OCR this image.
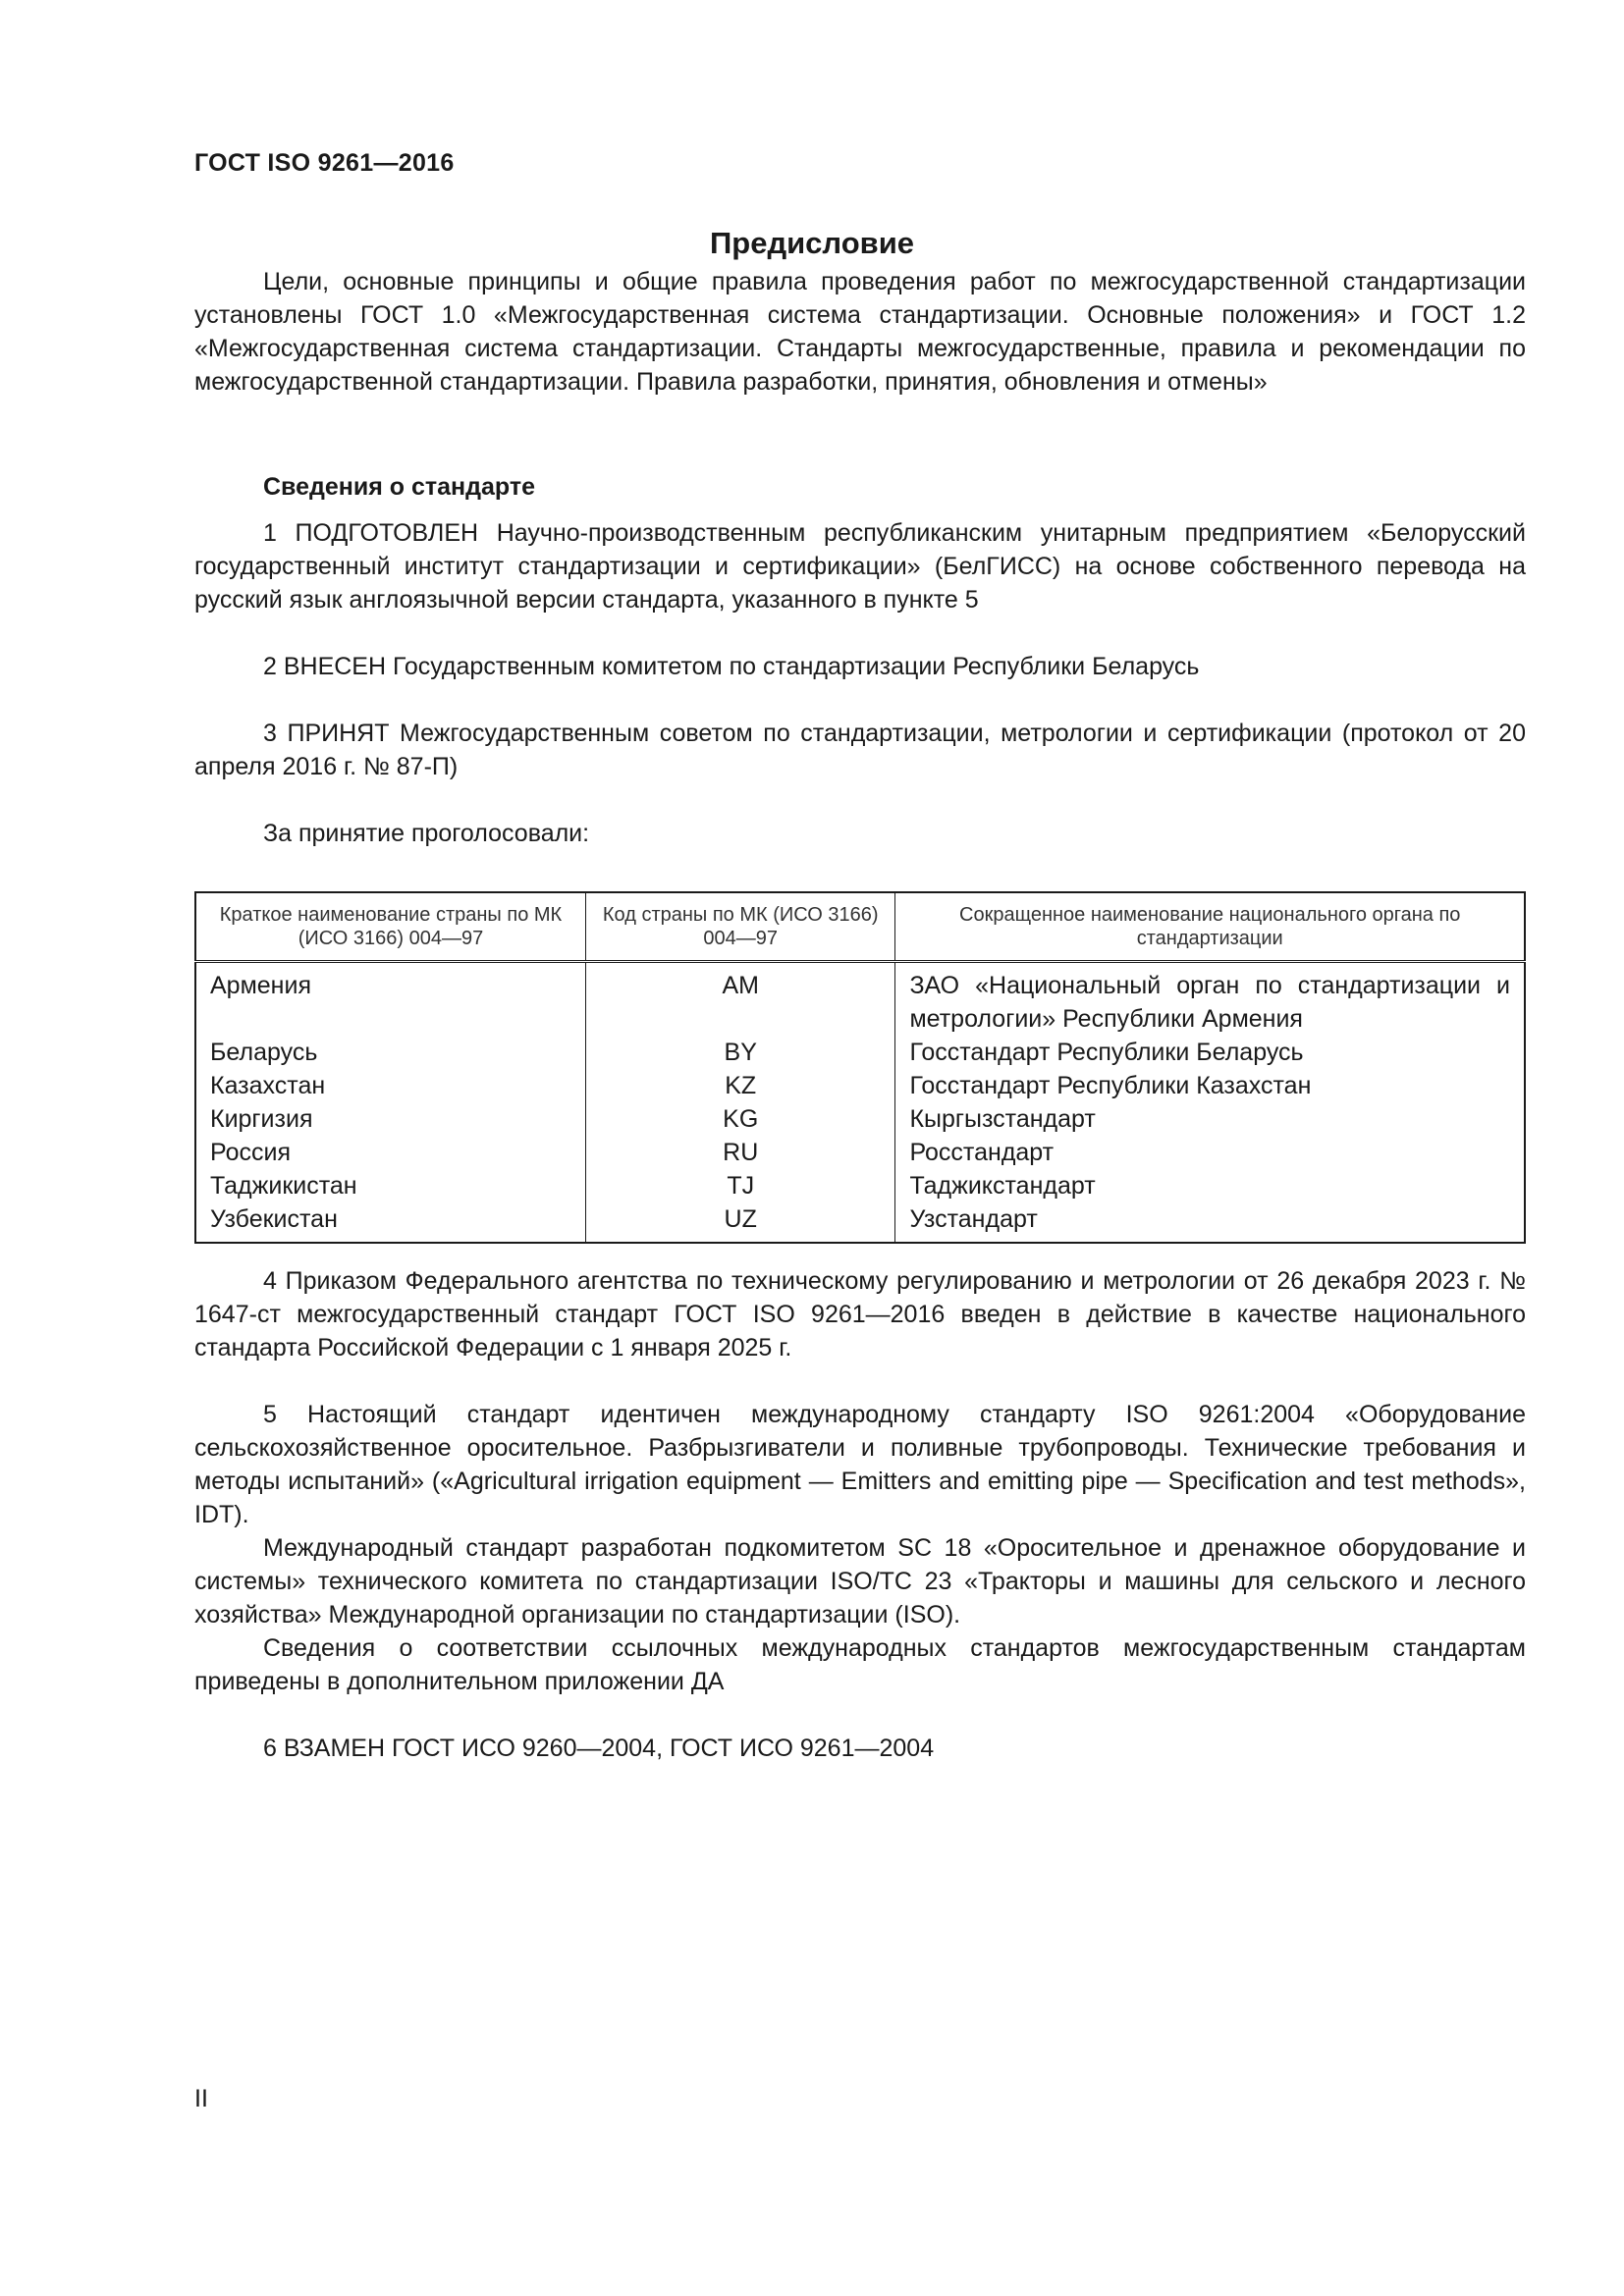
ГОСТ ISO 9261—2016
Предисловие

Цели, основные принципы и общие правила проведения работ по межгосударственной стандартизации установлены ГОСТ 1.0 «Межгосударственная система стандартизации. Основные положения» и ГОСТ 1.2 «Межгосударственная система стандартизации. Стандарты межгосударственные, правила и рекомендации по межгосударственной стандартизации. Правила разработки, принятия, обновления и отмены»

Сведения о стандарте

1 ПОДГОТОВЛЕН Научно-производственным республиканским унитарным предприятием «Белорусский государственный институт стандартизации и сертификации» (БелГИСС) на основе собственного перевода на русский язык англоязычной версии стандарта, указанного в пункте 5

2 ВНЕСЕН Государственным комитетом по стандартизации Республики Беларусь

3 ПРИНЯТ Межгосударственным советом по стандартизации, метрологии и сертификации (протокол от 20 апреля 2016 г. № 87-П)

За принятие проголосовали:

Краткое наименование страны по МК (ИСО 3166) 004—97	Код страны по МК (ИСО 3166) 004—97	Сокращенное наименование национального органа по стандартизации
Армения	AM	ЗАО «Национальный орган по стандартизации и метрологии» Республики Армения
Беларусь	BY	Госстандарт Республики Беларусь
Казахстан	KZ	Госстандарт Республики Казахстан
Киргизия	KG	Кыргызстандарт
Россия	RU	Росстандарт
Таджикистан	TJ	Таджикстандарт
Узбекистан	UZ	Узстандарт

4 Приказом Федерального агентства по техническому регулированию и метрологии от 26 декабря 2023 г. № 1647-ст межгосударственный стандарт ГОСТ ISO 9261—2016 введен в действие в качестве национального стандарта Российской Федерации с 1 января 2025 г.

5 Настоящий стандарт идентичен международному стандарту ISO 9261:2004 «Оборудование сельскохозяйственное оросительное. Разбрызгиватели и поливные трубопроводы. Технические требования и методы испытаний» («Agricultural irrigation equipment — Emitters and emitting pipe — Specification and test methods», IDT).

Международный стандарт разработан подкомитетом SC 18 «Оросительное и дренажное оборудование и системы» технического комитета по стандартизации ISO/TC 23 «Тракторы и машины для сельского и лесного хозяйства» Международной организации по стандартизации (ISO).

Сведения о соответствии ссылочных международных стандартов межгосударственным стандартам приведены в дополнительном приложении ДА

6 ВЗАМЕН ГОСТ ИСО 9260—2004, ГОСТ ИСО 9261—2004

II
